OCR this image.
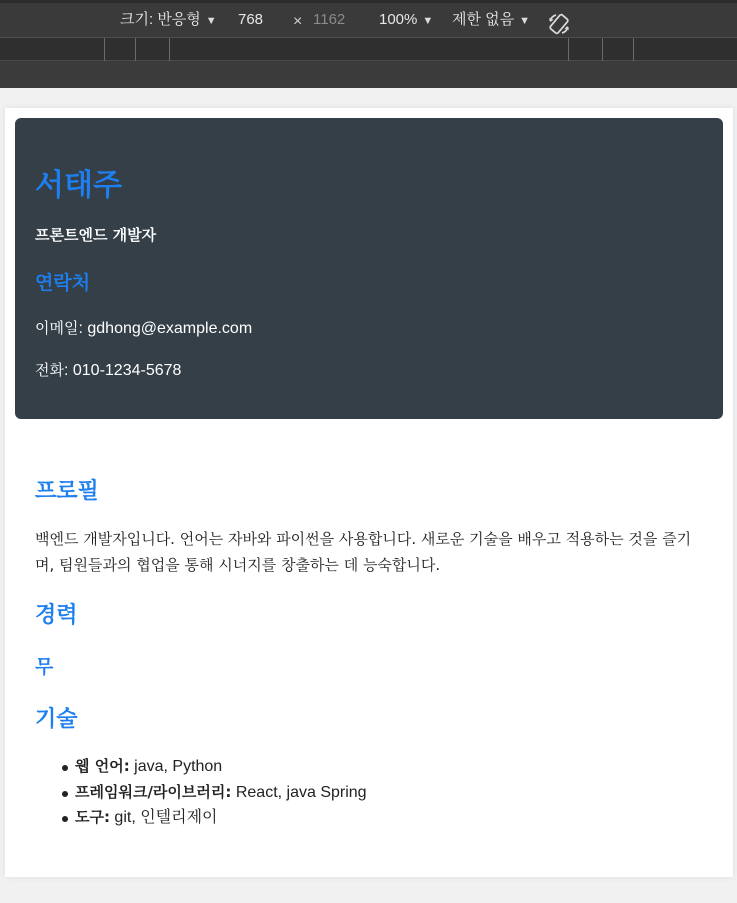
크기: 반응형 ▼ 768 × 1162 100% ▼ 제한 없음 ▼
서태주
프론트엔드 개발자
연락처
이메일: gdhong@example.com
전화: 010-1234-5678
프로필
백엔드 개발자입니다. 언어는 자바와 파이썬을 사용합니다. 새로운 기술을 배우고 적용하는 것을 즐기며, 팀원들과의 협업을 통해 시너지를 창출하는 데 능숙합니다.
경력
무
기술
웹 언어: java, Python
프레임워크/라이브러리: React, java Spring
도구: git, 인텔리제이
